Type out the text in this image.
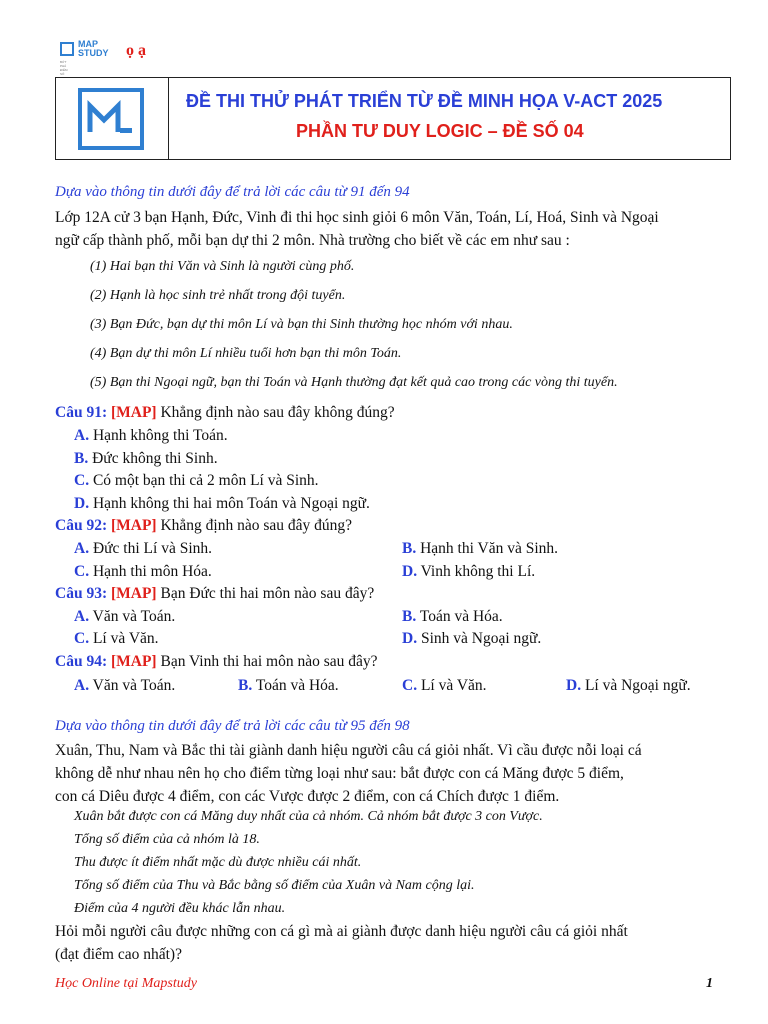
MAP
STUDY
BỨT PHÁ ĐIỂM SỐ
ọ ạ
ĐỀ THI THỬ PHÁT TRIỂN TỪ ĐỀ MINH HỌA V-ACT 2025
PHẦN TƯ DUY LOGIC – ĐỀ SỐ 04
Dựa vào thông tin dưới đây để trả lời các câu từ 91 đến 94
Lớp 12A cử 3 bạn Hạnh, Đức, Vinh đi thi học sinh giỏi 6 môn Văn, Toán, Lí, Hoá, Sinh và Ngoại
ngữ cấp thành phố, mỗi bạn dự thi 2 môn. Nhà trường cho biết về các em như sau :
(1) Hai bạn thi Văn và Sinh là người cùng phố.
(2) Hạnh là học sinh trẻ nhất trong đội tuyển.
(3) Bạn Đức, bạn dự thi môn Lí và bạn thi Sinh thường học nhóm với nhau.
(4) Bạn dự thi môn Lí nhiều tuổi hơn bạn thi môn Toán.
(5) Bạn thi Ngoại ngữ, bạn thi Toán và Hạnh thường đạt kết quả cao trong các vòng thi tuyển.
Câu 91: [MAP] Khẳng định nào sau đây không đúng?
A. Hạnh không thi Toán.
B. Đức không thi Sinh.
C. Có một bạn thi cả 2 môn Lí và Sinh.
D. Hạnh không thi hai môn Toán và Ngoại ngữ.
Câu 92: [MAP] Khẳng định nào sau đây đúng?
A. Đức thi Lí và Sinh.	B. Hạnh thi Văn và Sinh.
C. Hạnh thi môn Hóa.	D. Vinh không thi Lí.
Câu 93: [MAP] Bạn Đức thi hai môn nào sau đây?
A. Văn và Toán.	B. Toán và Hóa.
C. Lí và Văn.	D. Sinh và Ngoại ngữ.
Câu 94: [MAP] Bạn Vinh thi hai môn nào sau đây?
A. Văn và Toán.	B. Toán và Hóa.	C. Lí và Văn.	D. Lí và Ngoại ngữ.
Dựa vào thông tin dưới đây để trả lời các câu từ 95 đến 98
Xuân, Thu, Nam và Bắc thi tài giành danh hiệu người câu cá giỏi nhất. Vì cầu được nỗi loại cá
không dễ như nhau nên họ cho điểm từng loại như sau: bắt được con cá Măng được 5 điểm,
con cá Diêu được 4 điểm, con các Vược được 2 điểm, con cá Chích được 1 điểm.
Xuân bắt được con cá Măng duy nhất của cả nhóm. Cả nhóm bắt được 3 con Vược.
Tổng số điểm của cả nhóm là 18.
Thu được ít điểm nhất mặc dù được nhiều cái nhất.
Tổng số điểm của Thu và Bắc bằng số điểm của Xuân và Nam cộng lại.
Điểm của 4 người đều khác lẫn nhau.
Hỏi mỗi người câu được những con cá gì mà ai giành được danh hiệu người câu cá giỏi nhất
(đạt điểm cao nhất)?
Học Online tại Mapstudy	1
